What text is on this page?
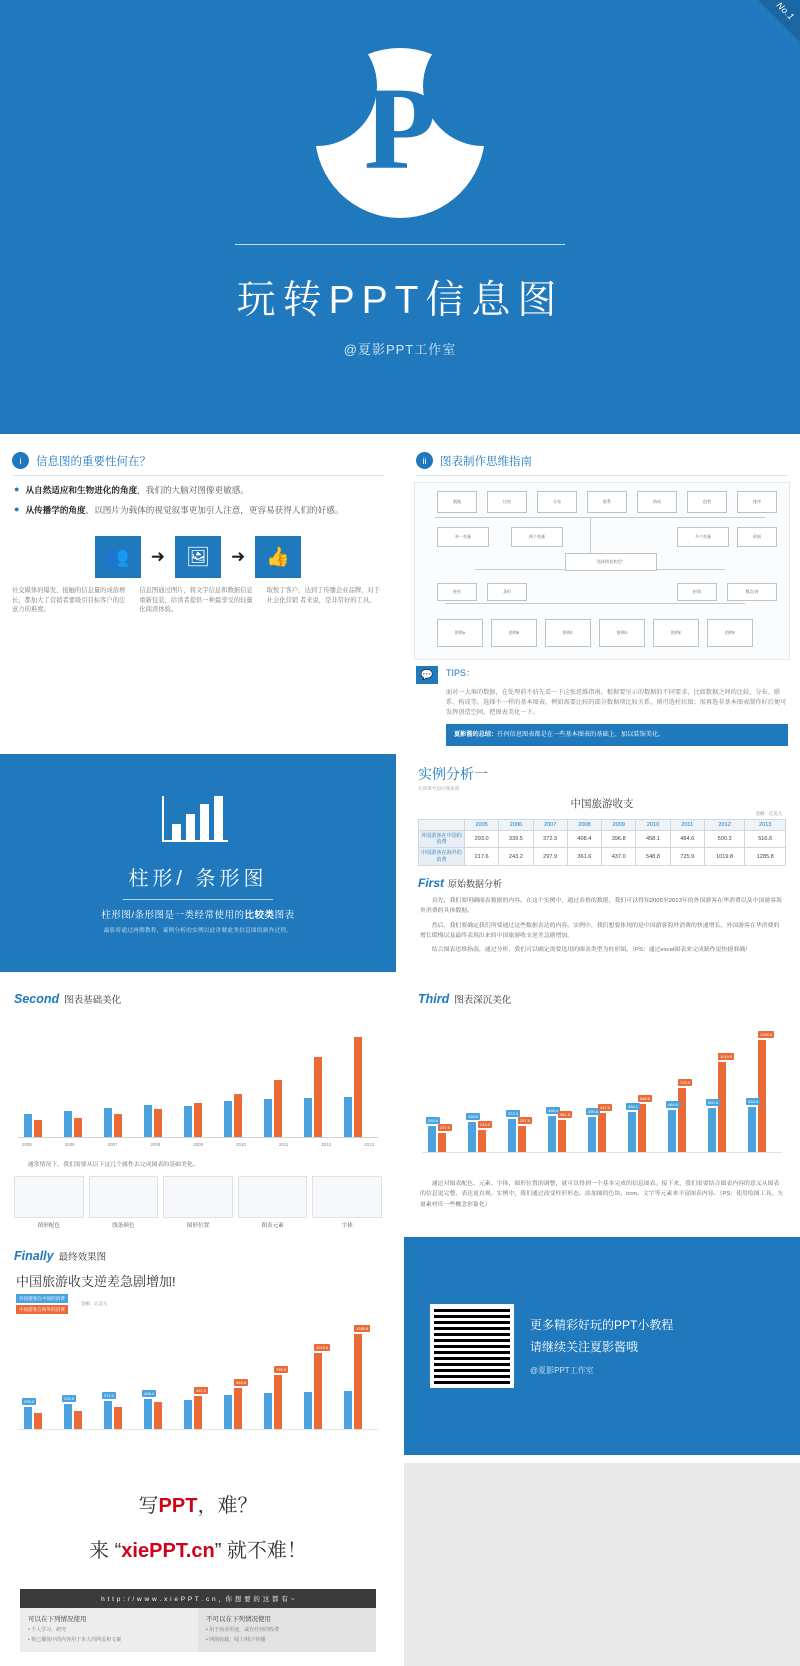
No.1
P
玩转PPT信息图
@夏影PPT工作室
i	信息图的重要性何在？
● 从自然适应和生物进化的角度，我们的大脑对图像更敏感。
● 从传播学的角度，以图片为载体的视觉叙事更加引人注意，更容易获得人们的好感。
👥	➜	🖼	➜	👍
社交媒体的爆发，接触的信息量的成倍增长，都加大了营销者要吸引目标客户的注意力的难度。
信息图通过图片，将文字信息和数据信息重新包装，给读者提供一种最享受的轻量化阅读体验。
取悦了客户，达到了传播企业品牌，对于社会化营销 者来说，是非常好的工具。
ii	图表制作思维指南
数据	比较	分布	联系	构成	趋势	排序
单一变量	两个变量
选择图表类型？
多个变量	时间
柱形	条形	折线	散点/饼
图例A	图例B	图例C	图例D	图例E	图例F
💬	TIPS：
面对一大堆的数据，在处理前不妨先看一下这张思维指南。根据要呈示的数据的不同要求，比如数据之间的比较、分布、联系、构成等，选择不一样的基本图表。例如需要比较的部分数据项比较关系，则可选柱状图；需再选非基本图表制作好后便可发挥创造空间，把图表美化一下。
夏影酱的总结：任何信息图表都是在一些基本图表的基础上，加以装饰美化。
柱形/ 条形图
柱形图/条形图是一类经常使用的比较类图表
最影将通过两期教程，案例分析的实例以此讲解此类信息图的制作过程。
实例分析一
实例摹考知识搜索图
中国旅游收支
金额：亿美元
	2005	2006	2007	2008	2009	2010	2011	2012	2013
外国游客在中国的消费	293.0	339.5	372.3	408.4	396.8	458.1	484.6	500.3	516.6
中国游客在海外的消费	217.6	243.2	297.9	361.6	437.0	548.8	725.9	1019.8	1285.8
First 原始数据分析
首先，我们要明确图表数据的内容。在这个实例中，通过表格的数据，我们可以得知2005至2013年的外国游客在华消费以及中国游客海外消费的具体数据。
然后，我们要确定我们所要通过这些数据表达的内容。实例中，我们想要体现的是中国游客海外消费的快速增长、外国游客在华消费的增长缓慢以及最终表现出来的中国旅游收支逆差急剧增加。
结合图表思维指南，通过分析，我们可以确定需要选用的图表类型为柱形图。（PS：通过excel图表来完成制作更快捷准确）
Second 图表基础美化
2005	2006	2007	2008	2009	2010	2011	2012	2013
通常情况下，我们需要从以下这几个属性去完成图表的基础美化。
图形配色	线条颜色	图形位置	图表元素	字体
Third 图表深沉美化
293.0
217.6
339.5
243.2
372.3
297.9
408.4
361.6
396.8
437.0	458.1
548.8
484.6
725.9
500.3
1019.8
516.6
1285.8
通过对图表配色、元素、字体、图形位置的调整，就可以得到一个基本完成的信息图表。接下来，我们需要结合图表内容的意义从图表的信息更完整、表达更直观。实例中，我们通过改变柱形形态，添加图的色块、icon、文字等元素来丰富图表内容。（PS：使用绘图工具、矢量素材库一些概念形象化）
Finally 最终效果图
中国旅游收支逆差急剧增加!
外国游客在中国的消费
中国游客在海外的消费
金额：亿美元
293.0
339.5
372.3	408.4
437.0
548.8
725.9
1019.8
1285.8	更多精彩好玩的PPT小教程
请继续关注夏影酱哦
@夏影PPT工作室
写PPT，难？
来 “xiePPT.cn” 就不难！
h t t p : / / w w w . x i e P P T . c n ，你 想 要 的 这 都 有 ~
可以在下列情况使用

• 个人学习、研究

• 将已播放中的内容用于本人的网页和文案

不可以在下列情况使用

• 用于商业用途，或在任何的收费

• 网络转载、线上/线下传播
